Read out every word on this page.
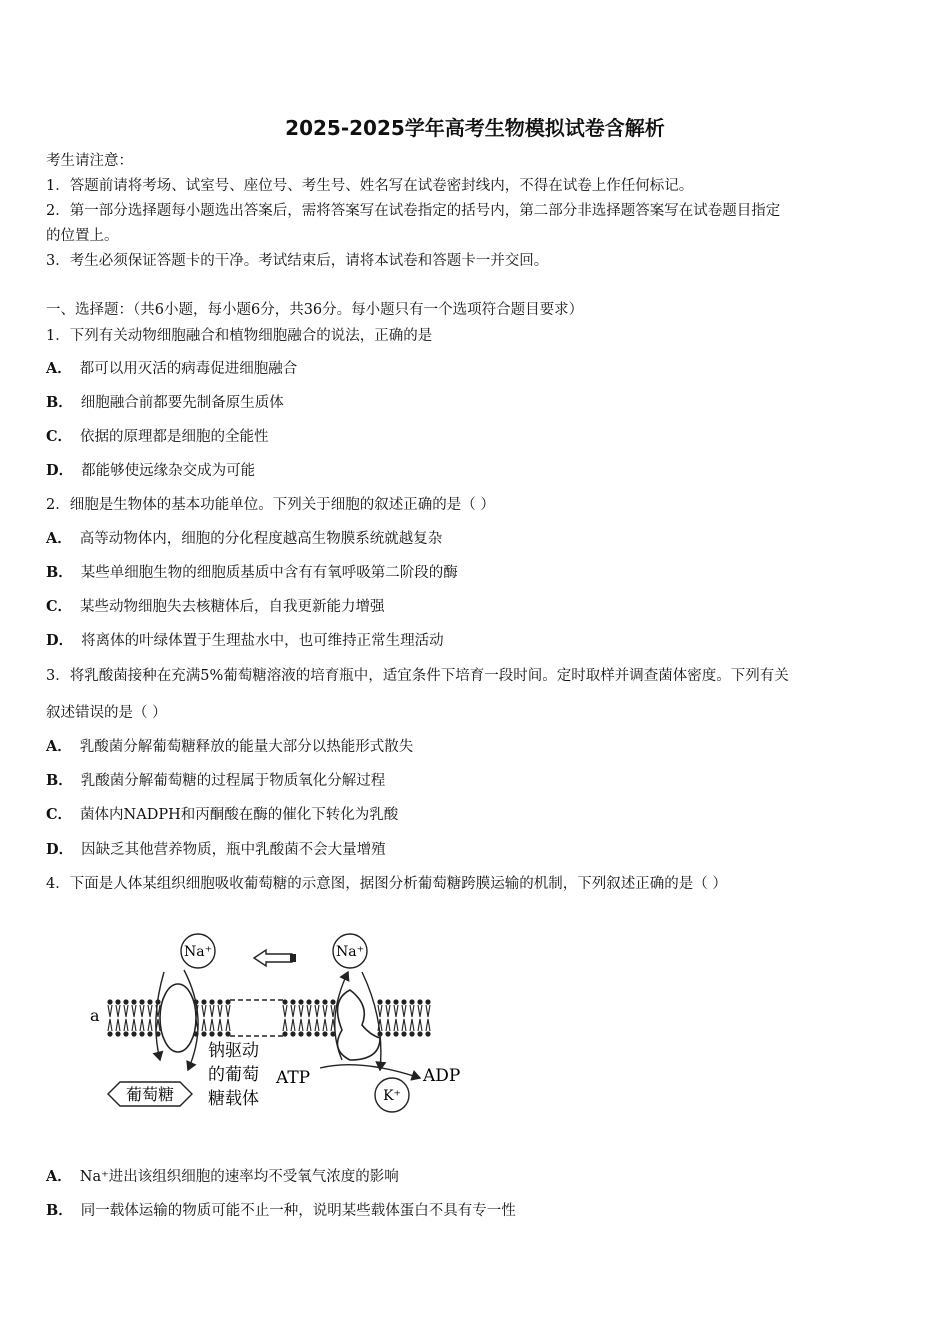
2025-2025学年高考生物模拟试卷含解析
考生请注意：
1．答题前请将考场、试室号、座位号、考生号、姓名写在试卷密封线内，不得在试卷上作任何标记。
2．第一部分选择题每小题选出答案后，需将答案写在试卷指定的括号内，第二部分非选择题答案写在试卷题目指定
的位置上。
3．考生必须保证答题卡的干净。考试结束后，请将本试卷和答题卡一并交回。
一、选择题：（共6小题，每小题6分，共36分。每小题只有一个选项符合题目要求）
1．下列有关动物细胞融合和植物细胞融合的说法，正确的是
A． 都可以用灭活的病毒促进细胞融合
B． 细胞融合前都要先制备原生质体
C． 依据的原理都是细胞的全能性
D． 都能够使远缘杂交成为可能
2．细胞是生物体的基本功能单位。下列关于细胞的叙述正确的是（ ）
A． 高等动物体内，细胞的分化程度越高生物膜系统就越复杂
B． 某些单细胞生物的细胞质基质中含有有氧呼吸第二阶段的酶
C． 某些动物细胞失去核糖体后，自我更新能力增强
D． 将离体的叶绿体置于生理盐水中，也可维持正常生理活动
3．将乳酸菌接种在充满5%葡萄糖溶液的培育瓶中，适宜条件下培育一段时间。定时取样并调查菌体密度。下列有关
叙述错误的是（ ）
A． 乳酸菌分解葡萄糖释放的能量大部分以热能形式散失
B． 乳酸菌分解葡萄糖的过程属于物质氧化分解过程
C． 菌体内NADPH和丙酮酸在酶的催化下转化为乳酸
D． 因缺乏其他营养物质，瓶中乳酸菌不会大量增殖
4．下面是人体某组织细胞吸收葡萄糖的示意图，据图分析葡萄糖跨膜运输的机制，下列叙述正确的是（ ）
a
Na⁺	Na⁺
K⁺
ATP	ADP
钠驱动
的葡萄
糖载体
葡萄糖
A． Na⁺进出该组织细胞的速率均不受氧气浓度的影响
B． 同一载体运输的物质可能不止一种，说明某些载体蛋白不具有专一性
